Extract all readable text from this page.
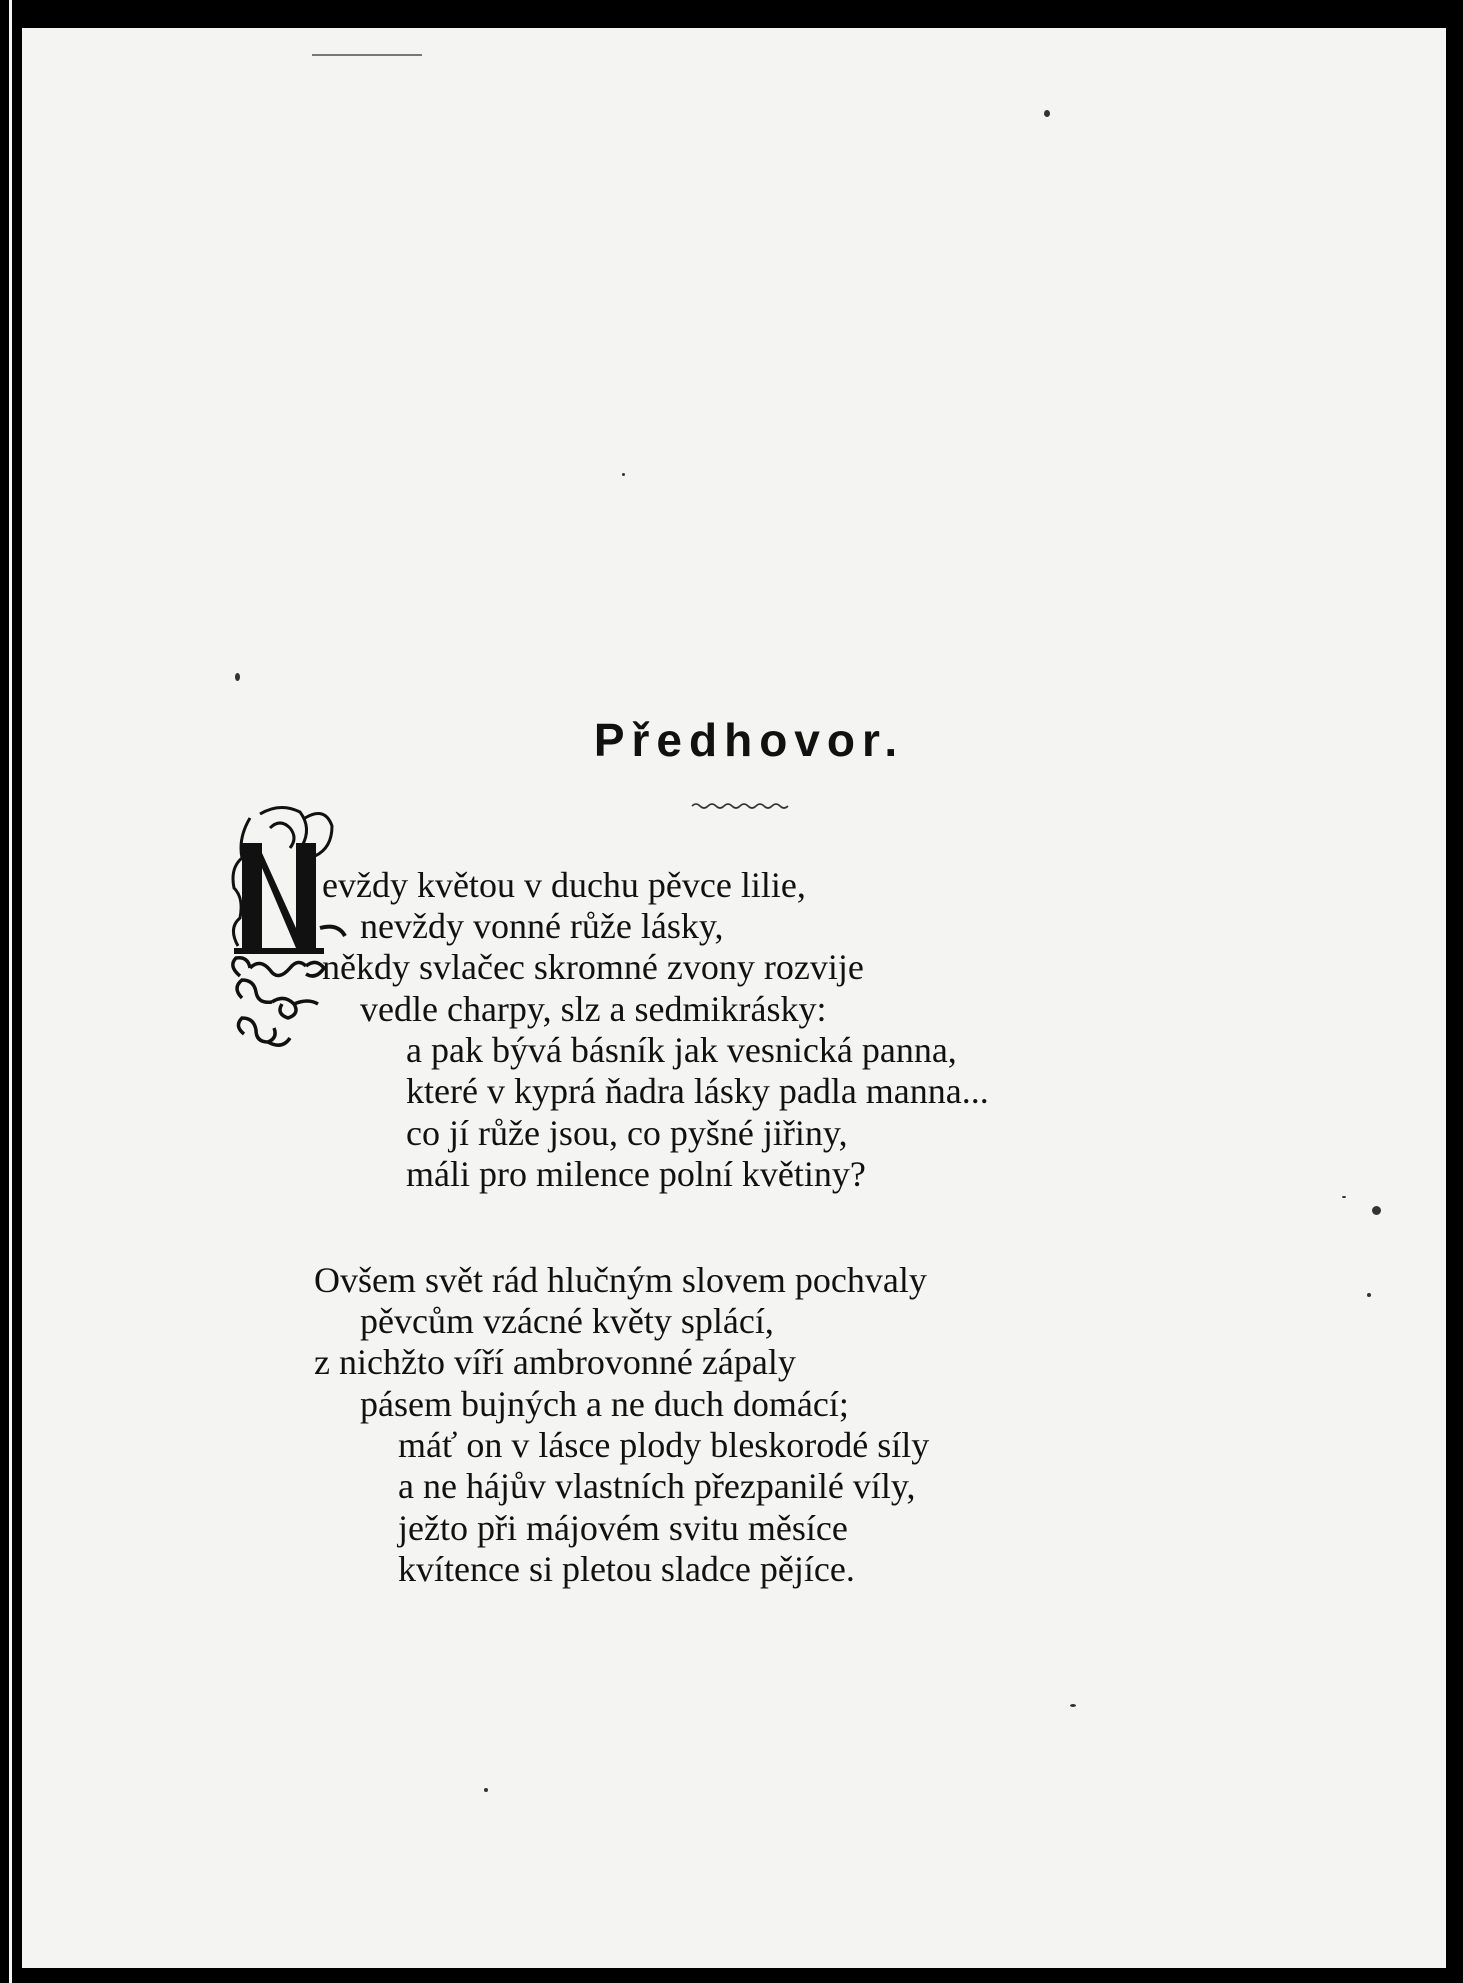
Předhovor.

evždy květou v duchu pěvce lilie,

nevždy vonné růže lásky,

někdy svlačec skromné zvony rozvije

vedle charpy, slz a sedmikrásky:

a pak bývá básník jak vesnická panna,

které v kyprá ňadra lásky padla manna...

co jí růže jsou, co pyšné jiřiny,

máli pro milence polní květiny?

Ovšem svět rád hlučným slovem pochvaly

pěvcům vzácné květy splácí,

z nichžto víří ambrovonné zápaly

pásem bujných a ne duch domácí;

máť on v lásce plody bleskorodé síly

a ne hájův vlastních přezpanilé víly,

ježto při májovém svitu měsíce

kvítence si pletou sladce pějíce.
